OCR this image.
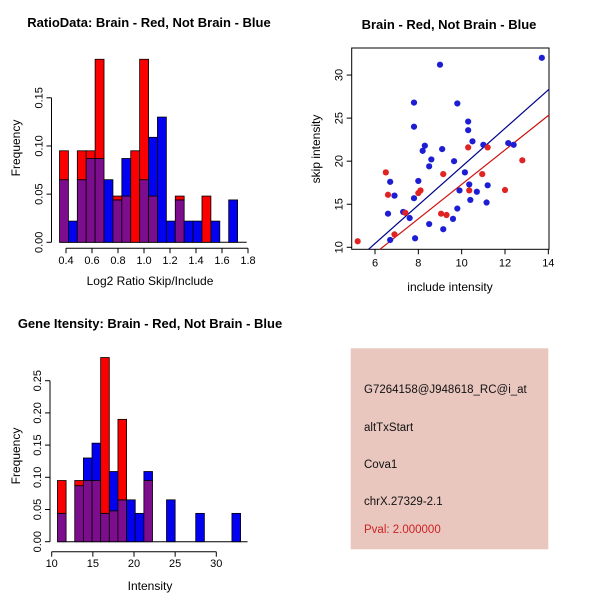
0.4 0.6 0.8 1.0 1.2 1.4 1.6 1.8
0.00
0.05
0.10
0.15
6	8	10	12	14
10
15
20
25
30
10	15	20	25	30
0.00
0.05
0.10
0.15
0.20
0.25
RatioData: Brain - Red, Not Brain - Blue
Log2 Ratio Skip/Include
Frequency
Brain - Red, Not Brain - Blue
include intensity
skip intensity
Gene Itensity: Brain - Red, Not Brain - Blue
Intensity
Frequency
G7264158@J948618_RC@i_at
altTxStart
Cova1
chrX.27329-2.1
Pval: 2.000000
